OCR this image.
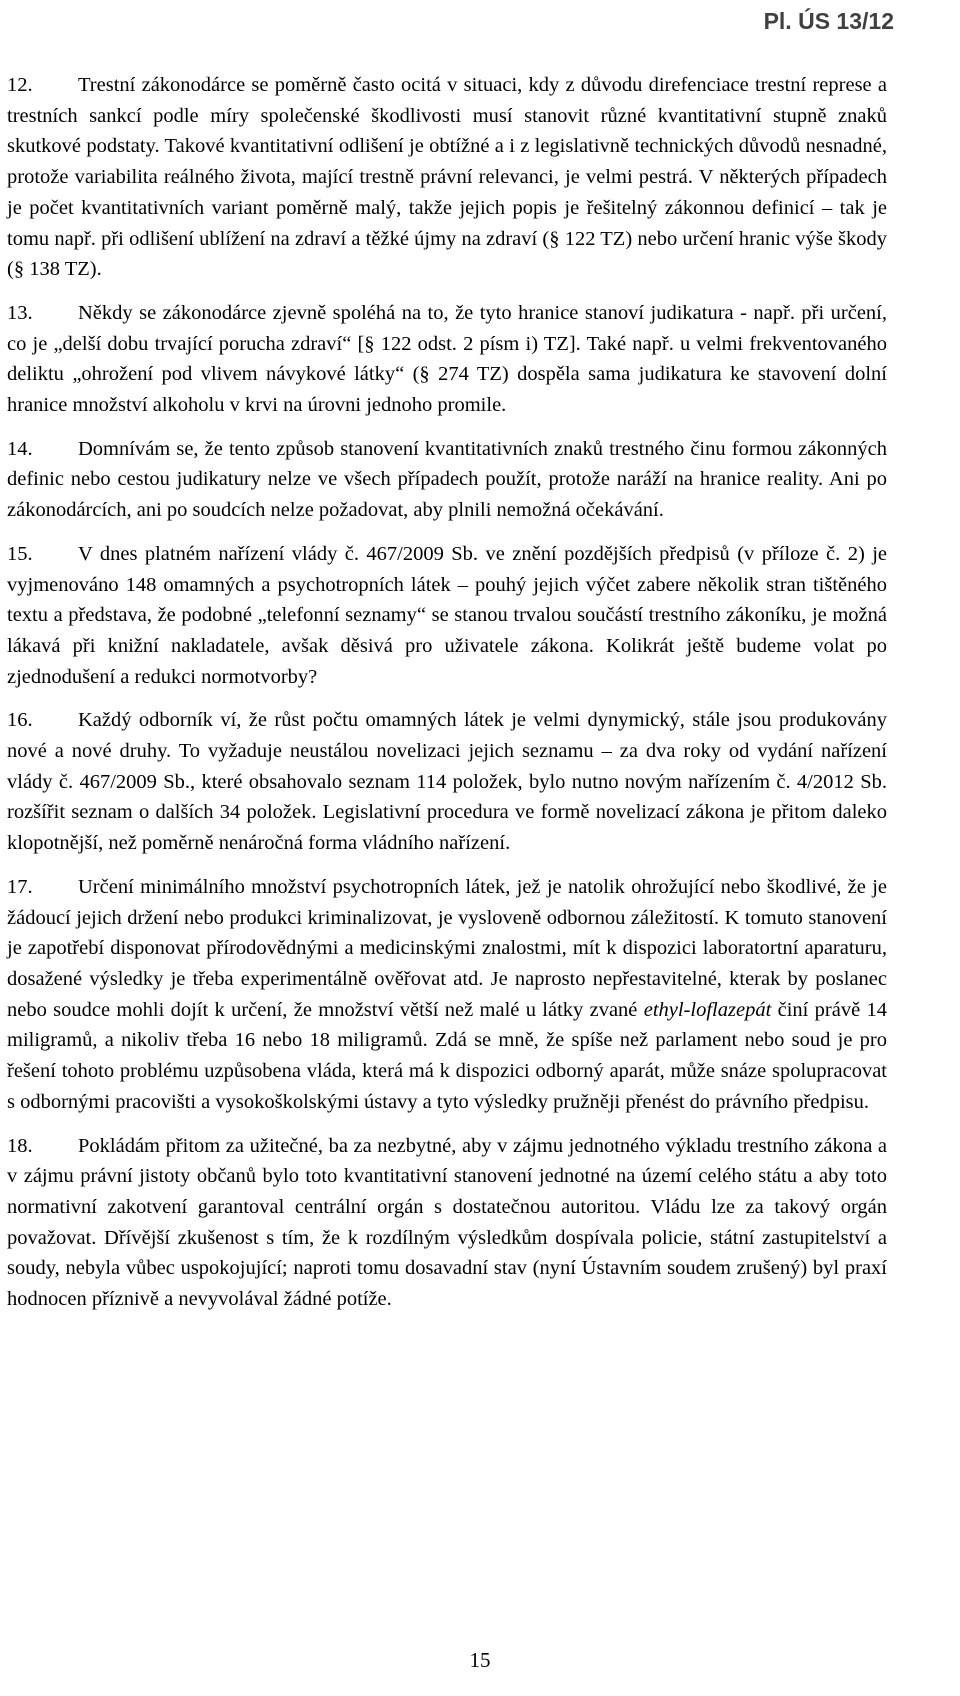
Pl. ÚS 13/12

12. Trestní zákonodárce se poměrně často ocitá v situaci, kdy z důvodu direfenciace trestní represe a trestních sankcí podle míry společenské škodlivosti musí stanovit různé kvantitativní stupně znaků skutkové podstaty. Takové kvantitativní odlišení je obtížné a i z legislativně technických důvodů nesnadné, protože variabilita reálného života, mající trestně právní relevanci, je velmi pestrá. V některých případech je počet kvantitativních variant poměrně malý, takže jejich popis je řešitelný zákonnou definicí – tak je tomu např. při odlišení ublížení na zdraví a těžké újmy na zdraví (§ 122 TZ) nebo určení hranic výše škody (§ 138 TZ).

13. Někdy se zákonodárce zjevně spoléhá na to, že tyto hranice stanoví judikatura - např. při určení, co je „delší dobu trvající porucha zdraví“ [§ 122 odst. 2 písm i) TZ]. Také např. u velmi frekventovaného deliktu „ohrožení pod vlivem návykové látky“ (§ 274 TZ) dospěla sama judikatura ke stavovení dolní hranice množství alkoholu v krvi na úrovni jednoho promile.

14. Domnívám se, že tento způsob stanovení kvantitativních znaků trestného činu formou zákonných definic nebo cestou judikatury nelze ve všech případech použít, protože naráží na hranice reality. Ani po zákonodárcích, ani po soudcích nelze požadovat, aby plnili nemožná očekávání.

15. V dnes platném nařízení vlády č. 467/2009 Sb. ve znění pozdějších předpisů (v příloze č. 2) je vyjmenováno 148 omamných a psychotropních látek – pouhý jejich výčet zabere několik stran tištěného textu a představa, že podobné „telefonní seznamy“ se stanou trvalou součástí trestního zákoníku, je možná lákavá při knižní nakladatele, avšak děsivá pro uživatele zákona. Kolikrát ještě budeme volat po zjednodušení a redukci normotvorby?

16. Každý odborník ví, že růst počtu omamných látek je velmi dynymický, stále jsou produkovány nové a nové druhy. To vyžaduje neustálou novelizaci jejich seznamu – za dva roky od vydání nařízení vlády č. 467/2009 Sb., které obsahovalo seznam 114 položek, bylo nutno novým nařízením č. 4/2012 Sb. rozšířit seznam o dalších 34 položek. Legislativní procedura ve formě novelizací zákona je přitom daleko klopotnější, než poměrně nenáročná forma vládního nařízení.

17. Určení minimálního množství psychotropních látek, jež je natolik ohrožující nebo škodlivé, že je žádoucí jejich držení nebo produkci kriminalizovat, je vysloveně odbornou záležitostí. K tomuto stanovení je zapotřebí disponovat přírodovědnými a medicinskými znalostmi, mít k dispozici laboratortní aparaturu, dosažené výsledky je třeba experimentálně ověřovat atd. Je naprosto nepřestavitelné, kterak by poslanec nebo soudce mohli dojít k určení, že množství větší než malé u látky zvané ethyl-loflazepát činí právě 14 miligramů, a nikoliv třeba 16 nebo 18 miligramů. Zdá se mně, že spíše než parlament nebo soud je pro řešení tohoto problému uzpůsobena vláda, která má k dispozici odborný aparát, může snáze spolupracovat s odbornými pracovišti a vysokoškolskými ústavy a tyto výsledky pružněji přenést do právního předpisu.

18. Pokládám přitom za užitečné, ba za nezbytné, aby v zájmu jednotného výkladu trestního zákona a v zájmu právní jistoty občanů bylo toto kvantitativní stanovení jednotné na území celého státu a aby toto normativní zakotvení garantoval centrální orgán s dostatečnou autoritou. Vládu lze za takový orgán považovat. Dřívější zkušenost s tím, že k rozdílným výsledkům dospívala policie, státní zastupitelství a soudy, nebyla vůbec uspokojující; naproti tomu dosavadní stav (nyní Ústavním soudem zrušený) byl praxí hodnocen příznivě a nevyvolával žádné potíže.

15
